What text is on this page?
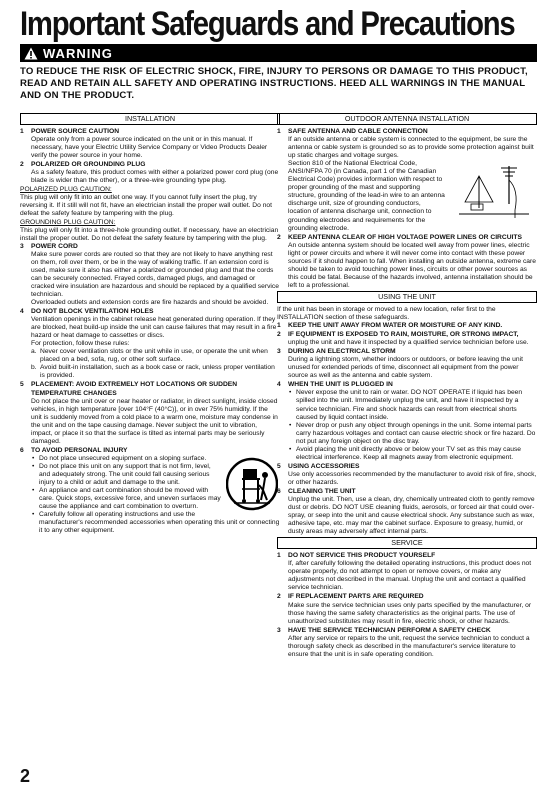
Important Safeguards and Precautions
WARNING
TO REDUCE THE RISK OF ELECTRIC SHOCK, FIRE, INJURY TO PERSONS OR DAMAGE TO THIS PRODUCT, READ AND RETAIN ALL SAFETY AND OPERATING INSTRUCTIONS. HEED ALL WARNINGS IN THE MANUAL AND ON THE PRODUCT.
INSTALLATION
1 POWER SOURCE CAUTION

Operate only from a power source indicated on the unit or in this manual. If necessary, have your Electric Utility Service Company or Video Products Dealer verify the power source in your home.

2 POLARIZED OR GROUNDING PLUG

As a safety feature, this product comes with either a polarized power cord plug (one blade is wider than the other), or a three-wire grounding type plug.

POLARIZED PLUG CAUTION:

This plug will only fit into an outlet one way. If you cannot fully insert the plug, try reversing it. If it still will not fit, have an electrician install the proper wall outlet. Do not defeat the safety feature by tampering with the plug.

GROUNDING PLUG CAUTION:

This plug will only fit into a three-hole grounding outlet. If necessary, have an electrician install the proper outlet. Do not defeat the safety feature by tampering with the plug.

3 POWER CORD

Make sure power cords are routed so that they are not likely to have anything rest on them, roll over them, or be in the way of walking traffic. If an extension cord is used, make sure it also has either a polarized or grounded plug and that the cords can be securely connected. Frayed cords, damaged plugs, and damaged or cracked wire insulation are hazardous and should be replaced by a qualified service technician.

Overloaded outlets and extension cords are fire hazards and should be avoided.

4 DO NOT BLOCK VENTILATION HOLES

Ventilation openings in the cabinet release heat generated during operation. If they are blocked, heat build-up inside the unit can cause failures that may result in a fire hazard or heat damage to cassettes or discs.

For protection, follow these rules:

a. Never cover ventilation slots or the unit while in use, or operate the unit when placed on a bed, sofa, rug, or other soft surface.
b. Avoid built-in installation, such as a book case or rack, unless proper ventilation is provided.
5 PLACEMENT: AVOID EXTREMELY HOT LOCATIONS OR SUDDEN TEMPERATURE CHANGES

Do not place the unit over or near heater or radiator, in direct sunlight, inside closed vehicles, in high temperature [over 104°F (40°C)], or in over 75% humidity. If the unit is suddenly moved from a cold place to a warm one, moisture may condense in the unit and on the tape causing damage. Never subject the unit to vibration, impact, or place it so that the surface is tilted as internal parts may be seriously damaged.

6 TO AVOID PERSONAL INJURY
• Do not place unsecured equipment on a sloping surface.
• Do not place this unit on any support that is not firm, level, and adequately strong. The unit could fall causing serious injury to a child or adult and damage to the unit.
• An appliance and cart combination should be moved with care. Quick stops, excessive force, and uneven surfaces may cause the appliance and cart combination to overturn.
• Carefully follow all operating instructions and use the manufacturer's recommended accessories when operating this unit or connecting it to any other equipment.
OUTDOOR ANTENNA INSTALLATION
1 SAFE ANTENNA AND CABLE CONNECTION

If an outside antenna or cable system is connected to the equipment, be sure the antenna or cable system is grounded so as to provide some protection against built up static charges and voltage surges.

Section 810 of the National Electrical Code, ANSI/NFPA 70 (in Canada, part 1 of the Canadian Electrical Code) provides information with respect to proper grounding of the mast and supporting structure, grounding of the lead-in wire to an antenna discharge unit, size of grounding conductors, location of antenna discharge unit, connection to grounding electrodes and requirements for the grounding electrode.

2 KEEP ANTENNA CLEAR OF HIGH VOLTAGE POWER LINES OR CIRCUITS

An outside antenna system should be located well away from power lines, electric light or power circuits and where it will never come into contact with these power sources if it should happen to fall. When installing an outside antenna, extreme care should be taken to avoid touching power lines, circuits or other power sources as this could be fatal. Because of the hazards involved, antenna installation should be left to a professional.

USING THE UNIT

If the unit has been in storage or moved to a new location, refer first to the INSTALLATION section of these safeguards.

1 KEEP THE UNIT AWAY FROM WATER OR MOISTURE OF ANY KIND.
2 IF EQUIPMENT IS EXPOSED TO RAIN, MOISTURE, OR STRONG IMPACT, unplug the unit and have it inspected by a qualified service technician before use.
3 DURING AN ELECTRICAL STORM

During a lightning storm, whether indoors or outdoors, or before leaving the unit unused for extended periods of time, disconnect all equipment from the power source as well as the antenna and cable system.

4 WHEN THE UNIT IS PLUGGED IN
• Never expose the unit to rain or water. DO NOT OPERATE if liquid has been spilled into the unit. Immediately unplug the unit, and have it inspected by a service technician. Fire and shock hazards can result from electrical shorts caused by liquid contact inside.
• Never drop or push any object through openings in the unit. Some internal parts carry hazardous voltages and contact can cause electric shock or fire hazard. Do not put any foreign object on the disc tray.
• Avoid placing the unit directly above or below your TV set as this may cause electrical interference. Keep all magnets away from electronic equipment.
5 USING ACCESSORIES

Use only accessories recommended by the manufacturer to avoid risk of fire, shock, or other hazards.

6 CLEANING THE UNIT

Unplug the unit. Then, use a clean, dry, chemically untreated cloth to gently remove dust or debris. DO NOT USE cleaning fluids, aerosols, or forced air that could over-spray, or seep into the unit and cause electrical shock. Any substance such as wax, adhesive tape, etc. may mar the cabinet surface. Exposure to greasy, humid, or dusty areas may adversely affect internal parts.

SERVICE
1 DO NOT SERVICE THIS PRODUCT YOURSELF

If, after carefully following the detailed operating instructions, this product does not operate properly, do not attempt to open or remove covers, or make any adjustments not described in the manual. Unplug the unit and contact a qualified service technician.

2 IF REPLACEMENT PARTS ARE REQUIRED

Make sure the service technician uses only parts specified by the manufacturer, or those having the same safety characteristics as the original parts. The use of unauthorized substitutes may result in fire, electric shock, or other hazards.

3 HAVE THE SERVICE TECHNICIAN PERFORM A SAFETY CHECK

After any service or repairs to the unit, request the service technician to conduct a thorough safety check as described in the manufacturer's service literature to ensure that the unit is in safe operating condition.

2
